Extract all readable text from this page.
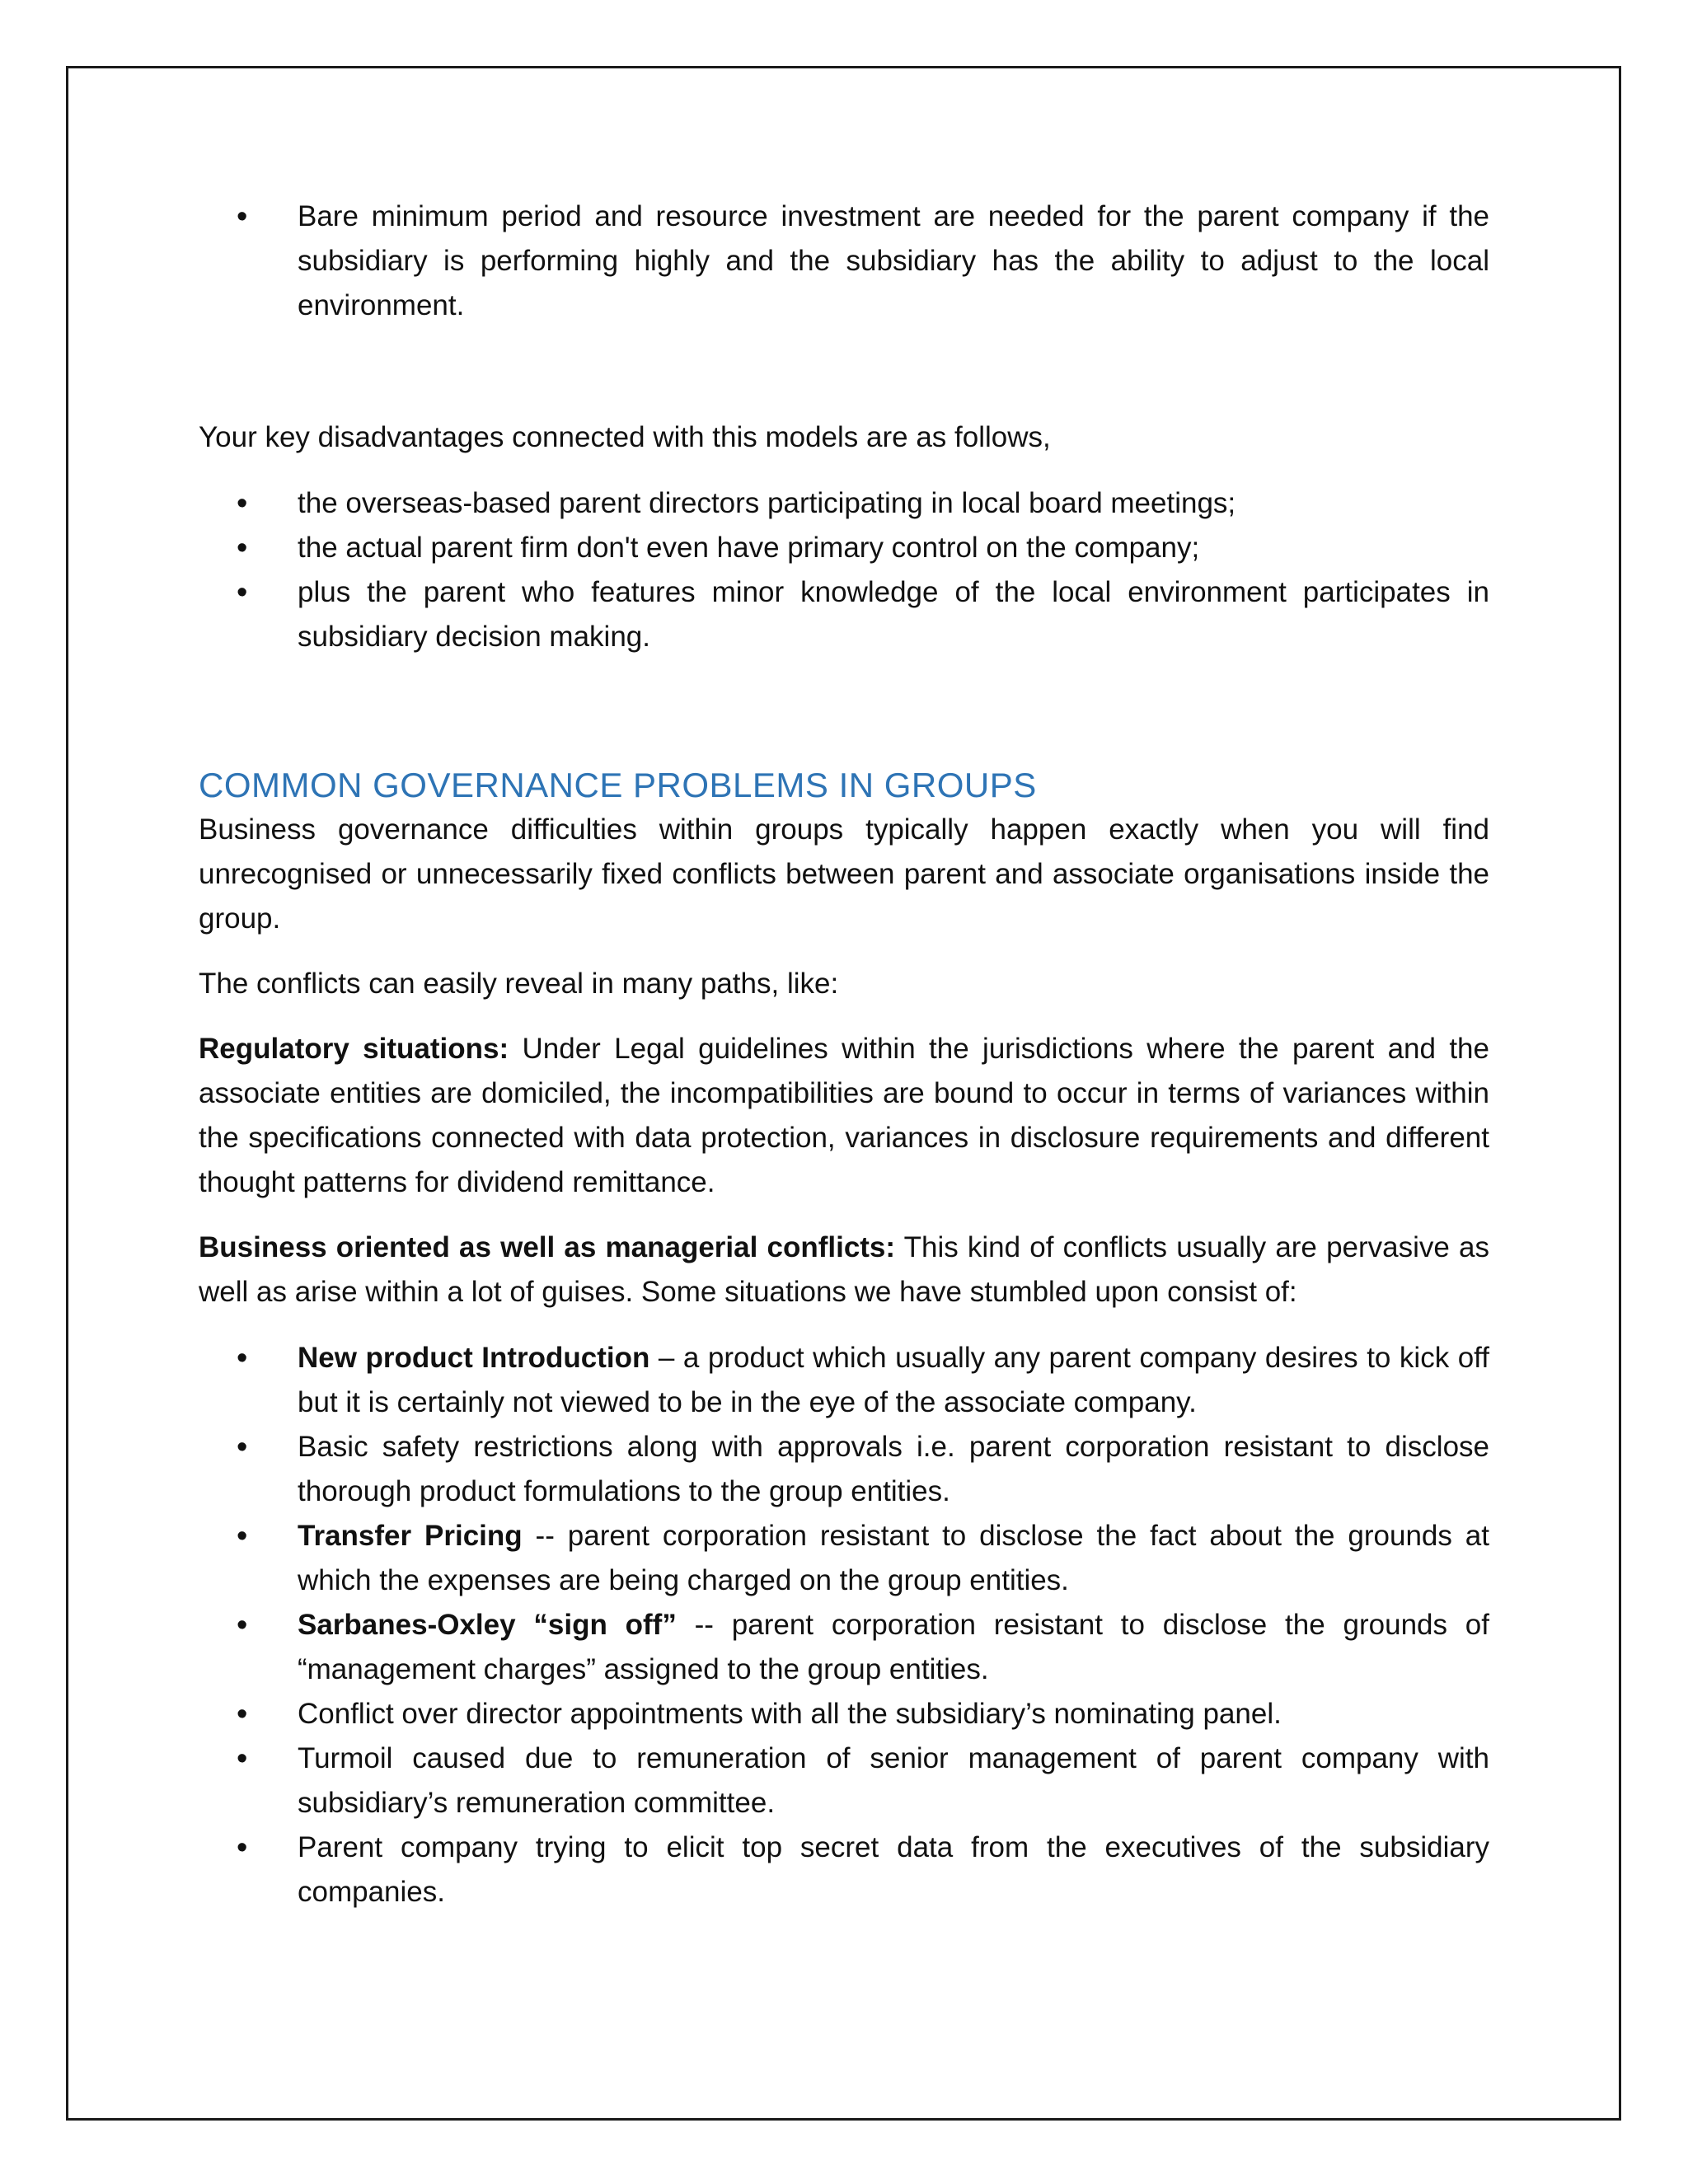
• Bare minimum period and resource investment are needed for the parent company if the subsidiary is performing highly and the subsidiary has the ability to adjust to the local environment.

Your key disadvantages connected with this models are as follows,

• the overseas-based parent directors participating in local board meetings;
• the actual parent firm don't even have primary control on the company;
• plus the parent who features minor knowledge of the local environment participates in subsidiary decision making.
COMMON GOVERNANCE PROBLEMS IN GROUPS

Business governance difficulties within groups typically happen exactly when you will find unrecognised or unnecessarily fixed conflicts between parent and associate organisations inside the group.

The conflicts can easily reveal in many paths, like:

Regulatory situations: Under Legal guidelines within the jurisdictions where the parent and the associate entities are domiciled, the incompatibilities are bound to occur in terms of variances within the specifications connected with data protection, variances in disclosure requirements and different thought patterns for dividend remittance.

Business oriented as well as managerial conflicts: This kind of conflicts usually are pervasive as well as arise within a lot of guises. Some situations we have stumbled upon consist of:

• New product Introduction – a product which usually any parent company desires to kick off but it is certainly not viewed to be in the eye of the associate company.
• Basic safety restrictions along with approvals i.e. parent corporation resistant to disclose thorough product formulations to the group entities.
• Transfer Pricing -- parent corporation resistant to disclose the fact about the grounds at which the expenses are being charged on the group entities.
• Sarbanes-Oxley “sign off” -- parent corporation resistant to disclose the grounds of “management charges” assigned to the group entities.
• Conflict over director appointments with all the subsidiary’s nominating panel.
• Turmoil caused due to remuneration of senior management of parent company with subsidiary’s remuneration committee.
• Parent company trying to elicit top secret data from the executives of the subsidiary companies.
